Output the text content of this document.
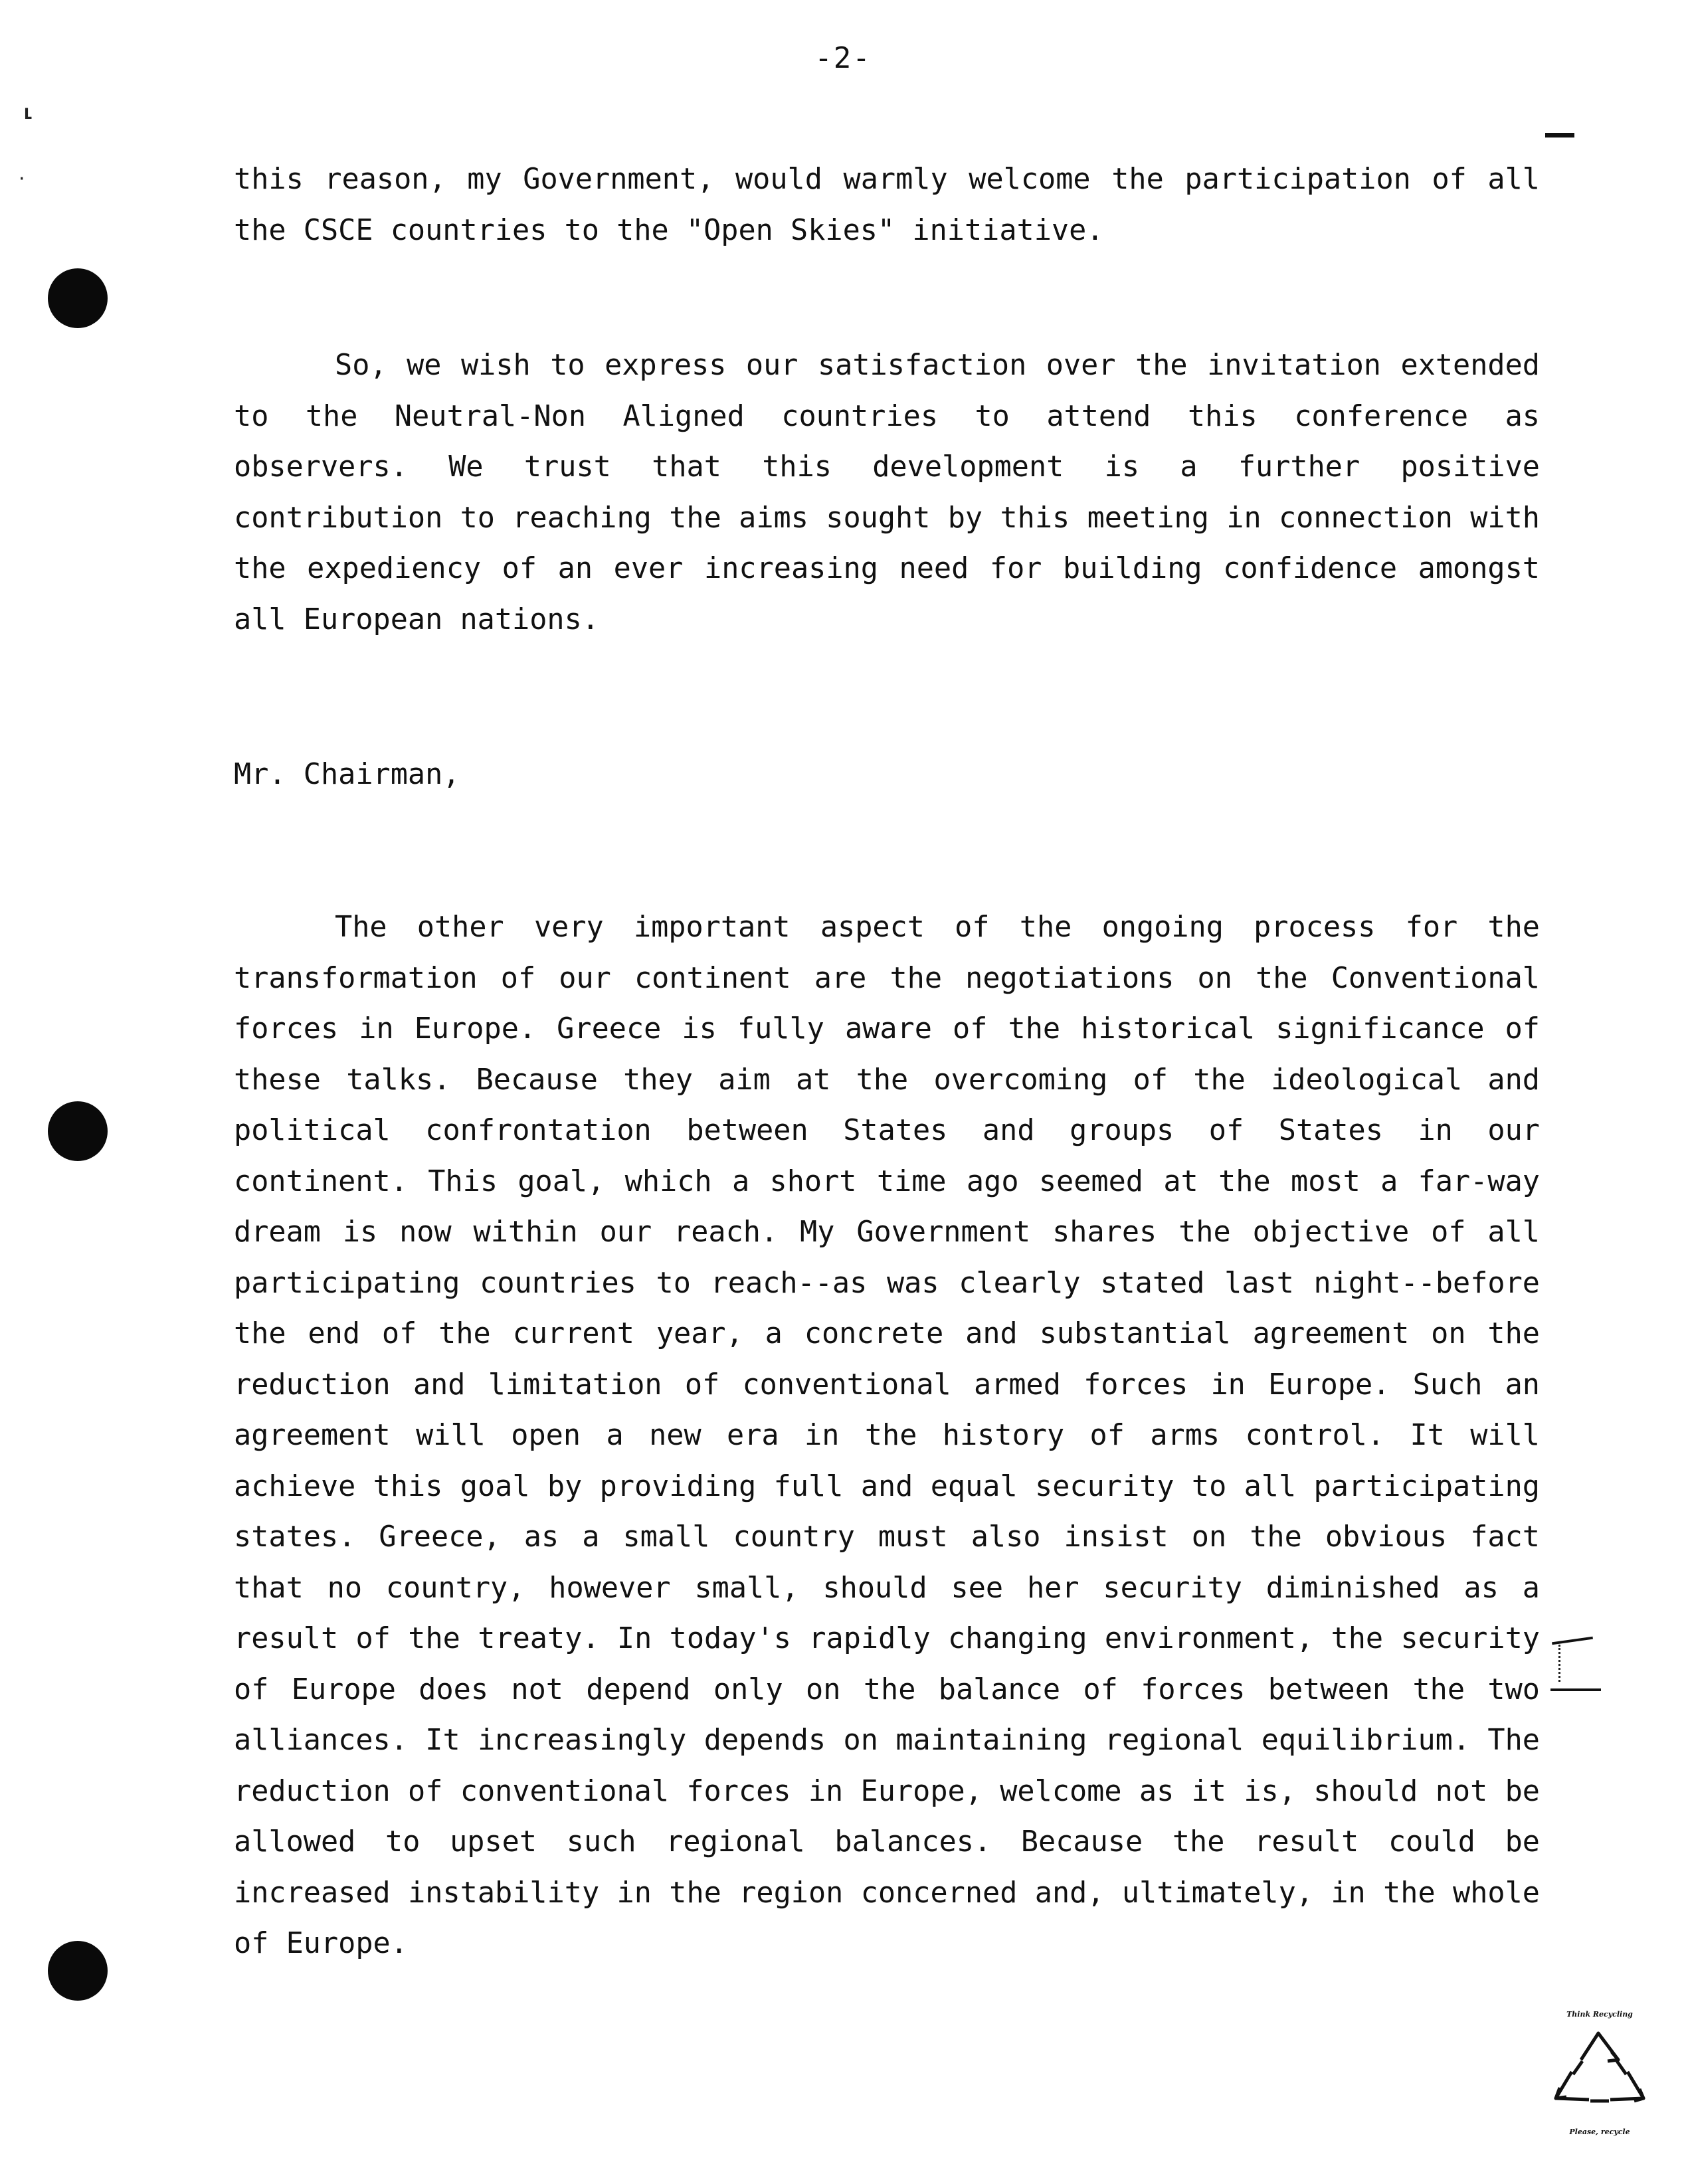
-2-

this reason, my Government, would warmly welcome the participation of all the CSCE countries to the "Open Skies" initiative.

So, we wish to express our satisfaction over the invitation extended to the Neutral-Non Aligned countries to attend this conference as observers. We trust that this development is a further positive contribution to reaching the aims sought by this meeting in connection with the expediency of an ever increasing need for building confidence amongst all European nations.

Mr. Chairman,

The other very important aspect of the ongoing process for the transformation of our continent are the negotiations on the Conventional forces in Europe. Greece is fully aware of the historical significance of these talks. Because they aim at the overcoming of the ideological and political confrontation between States and groups of States in our continent. This goal, which a short time ago seemed at the most a far-way dream is now within our reach. My Government shares the objective of all participating countries to reach--as was clearly stated last night--before the end of the current year, a concrete and substantial agreement on the reduction and limitation of conventional armed forces in Europe. Such an agreement will open a new era in the history of arms control. It will achieve this goal by providing full and equal security to all participating states. Greece, as a small country must also insist on the obvious fact that no country, however small, should see her security diminished as a result of the treaty. In today's rapidly changing environment, the security of Europe does not depend only on the balance of forces between the two alliances. It increasingly depends on maintaining regional equilibrium. The reduction of conventional forces in Europe, welcome as it is, should not be allowed to upset such regional balances. Because the result could be increased instability in the region concerned and, ultimately, in the whole of Europe.

⸤
·
Think Recycling
Please, recycle
